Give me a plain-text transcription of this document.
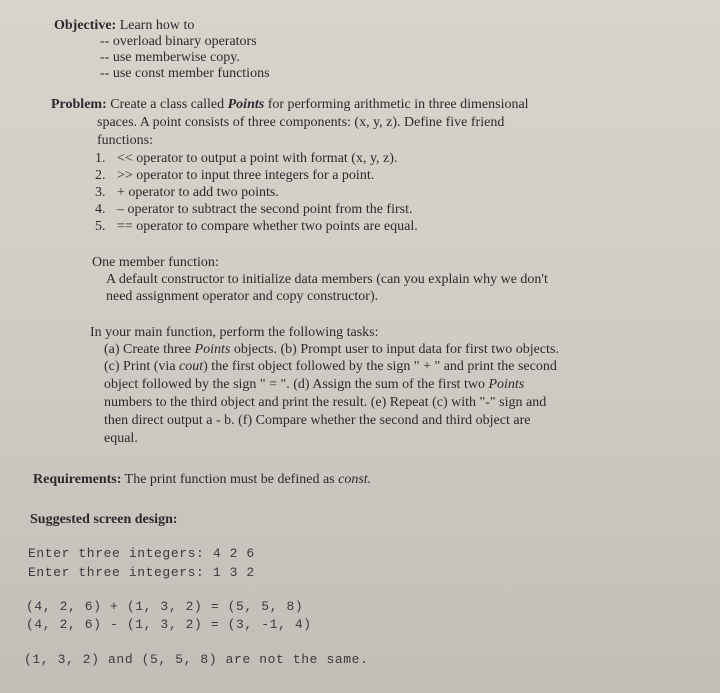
Objective: Learn how to
-- overload binary operators
-- use memberwise copy.
-- use const member functions
Problem: Create a class called Points for performing arithmetic in three dimensional
spaces. A point consists of three components: (x, y, z). Define five friend
functions:
1. << operator to output a point with format (x, y, z).
2. >> operator to input three integers for a point.
3. + operator to add two points.
4. – operator to subtract the second point from the first.
5. == operator to compare whether two points are equal.
One member function:
A default constructor to initialize data members (can you explain why we don't
need assignment operator and copy constructor).
In your main function, perform the following tasks:
(a) Create three Points objects. (b) Prompt user to input data for first two objects.
(c) Print (via cout) the first object followed by the sign " + " and print the second
object followed by the sign " = ". (d) Assign the sum of the first two Points
numbers to the third object and print the result. (e) Repeat (c) with "-" sign and
then direct output a - b. (f) Compare whether the second and third object are
equal.
Requirements: The print function must be defined as const.
Suggested screen design:
Enter three integers: 4 2 6
Enter three integers: 1 3 2
(4, 2, 6) + (1, 3, 2) = (5, 5, 8)
(4, 2, 6) - (1, 3, 2) = (3, -1, 4)
(1, 3, 2) and (5, 5, 8) are not the same.
